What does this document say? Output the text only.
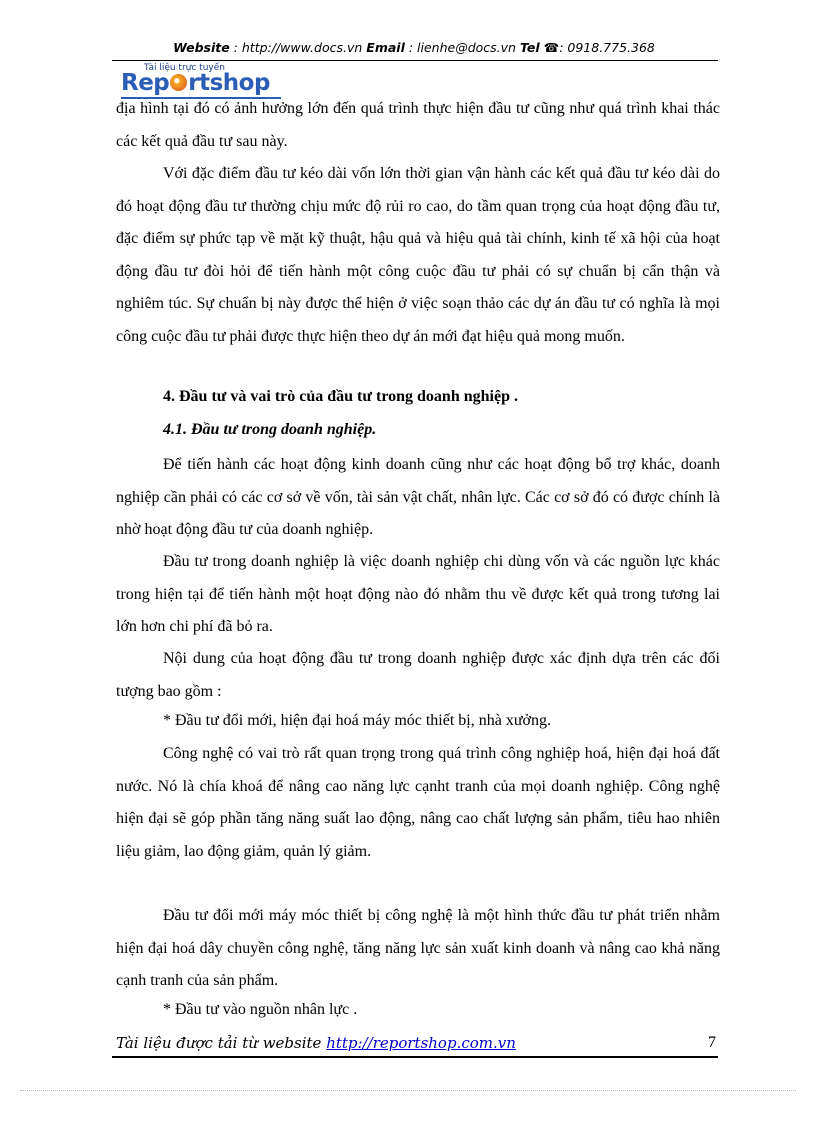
Website : http://www.docs.vn Email : lienhe@docs.vn Tel ☎: 0918.775.368
Tài liệu trực tuyến
Rep rtshop
địa hình tại đó có ảnh hưởng lớn đến quá trình thực hiện đầu tư cũng như quá trình khai thác các kết quả đầu tư sau này.
Với đặc điểm đầu tư kéo dài vốn lớn thời gian vận hành các kết quả đầu tư kéo dài do đó hoạt động đầu tư thường chịu mức độ rủi ro cao, do tầm quan trọng của hoạt động đầu tư, đặc điểm sự phức tạp về mặt kỹ thuật, hậu quả và hiệu quả tài chính, kinh tế xã hội của hoạt động đầu tư đòi hỏi để tiến hành một công cuộc đầu tư phải có sự chuẩn bị cẩn thận và nghiêm túc. Sự chuẩn bị này được thể hiện ở việc soạn thảo các dự án đầu tư có nghĩa là mọi công cuộc đầu tư phải được thực hiện theo dự án mới đạt hiệu quả mong muốn.
4. Đầu tư và vai trò của đầu tư trong doanh nghiệp .
4.1. Đầu tư trong doanh nghiệp.
Để tiến hành các hoạt động kinh doanh cũng như các hoạt động bổ trợ khác, doanh nghiệp cần phải có các cơ sở về vốn, tài sản vật chất, nhân lực. Các cơ sở đó có được chính là nhờ hoạt động đầu tư của doanh nghiệp.
Đầu tư trong doanh nghiệp là việc doanh nghiệp chi dùng vốn và các nguồn lực khác trong hiện tại để tiến hành một hoạt động nào đó nhằm thu về được kết quả trong tương lai lớn hơn chi phí đã bỏ ra.
Nội dung của hoạt động đầu tư trong doanh nghiệp được xác định dựa trên các đối tượng bao gồm :
* Đầu tư đổi mới, hiện đại hoá máy móc thiết bị, nhà xưởng.
Công nghệ có vai trò rất quan trọng trong quá trình công nghiệp hoá, hiện đại hoá đất nước. Nó là chía khoá để nâng cao năng lực cạnht tranh của mọi doanh nghiệp. Công nghệ hiện đại sẽ góp phần tăng năng suất lao động, nâng cao chất lượng sản phẩm, tiêu hao nhiên liệu giảm, lao động giảm, quản lý giảm.
Đầu tư đổi mới máy móc thiết bị công nghệ là một hình thức đầu tư phát triển nhằm hiện đại hoá dây chuyền công nghệ, tăng năng lực sản xuất kinh doanh và nâng cao khả năng cạnh tranh của sản phẩm.
* Đầu tư vào nguồn nhân lực .
Tài liệu được tải từ website http://reportshop.com.vn	7
